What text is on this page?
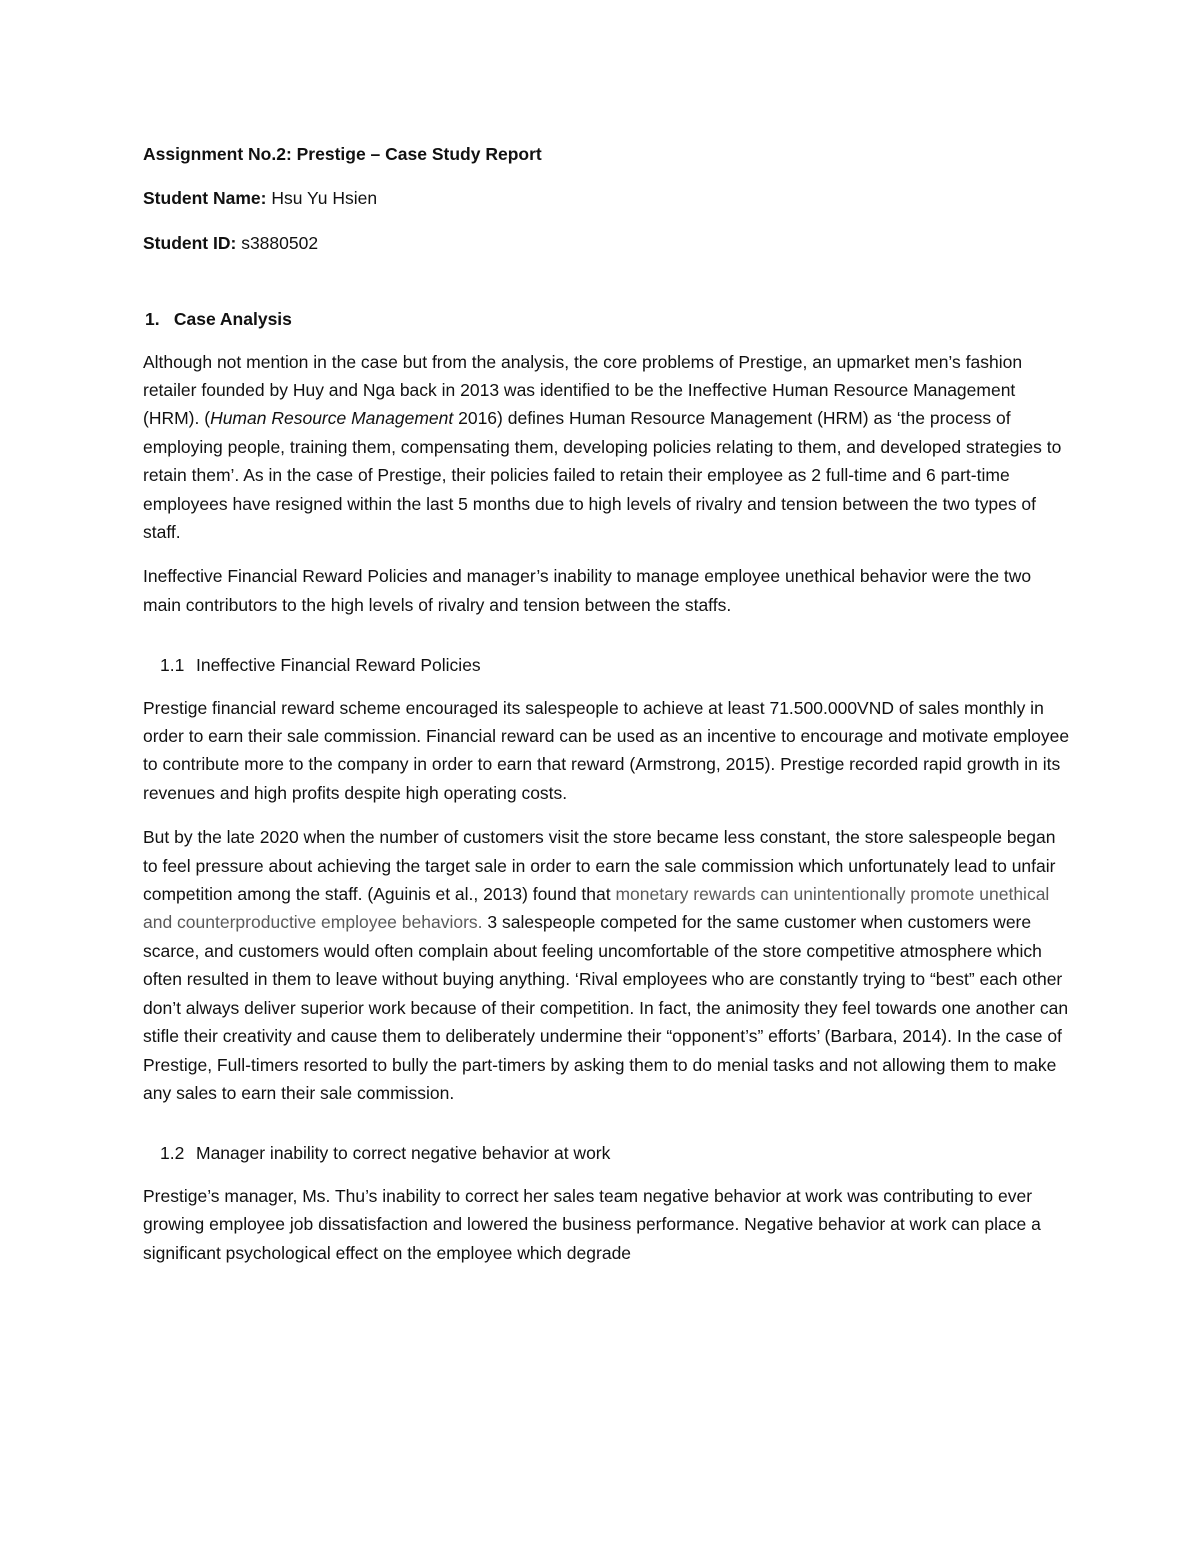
Assignment No.2: Prestige – Case Study Report

Student Name: Hsu Yu Hsien

Student ID: s3880502

1. Case Analysis

Although not mention in the case but from the analysis, the core problems of Prestige, an upmarket men’s fashion retailer founded by Huy and Nga back in 2013 was identified to be the Ineffective Human Resource Management (HRM). (Human Resource Management 2016) defines Human Resource Management (HRM) as ‘the process of employing people, training them, compensating them, developing policies relating to them, and developed strategies to retain them’. As in the case of Prestige, their policies failed to retain their employee as 2 full-time and 6 part-time employees have resigned within the last 5 months due to high levels of rivalry and tension between the two types of staff.

Ineffective Financial Reward Policies and manager’s inability to manage employee unethical behavior were the two main contributors to the high levels of rivalry and tension between the staffs.

1.1 Ineffective Financial Reward Policies

Prestige financial reward scheme encouraged its salespeople to achieve at least 71.500.000VND of sales monthly in order to earn their sale commission. Financial reward can be used as an incentive to encourage and motivate employee to contribute more to the company in order to earn that reward (Armstrong, 2015). Prestige recorded rapid growth in its revenues and high profits despite high operating costs.

But by the late 2020 when the number of customers visit the store became less constant, the store salespeople began to feel pressure about achieving the target sale in order to earn the sale commission which unfortunately lead to unfair competition among the staff. (Aguinis et al., 2013) found that monetary rewards can unintentionally promote unethical and counterproductive employee behaviors. 3 salespeople competed for the same customer when customers were scarce, and customers would often complain about feeling uncomfortable of the store competitive atmosphere which often resulted in them to leave without buying anything. ‘Rival employees who are constantly trying to “best” each other don’t always deliver superior work because of their competition. In fact, the animosity they feel towards one another can stifle their creativity and cause them to deliberately undermine their “opponent’s” efforts’ (Barbara, 2014). In the case of Prestige, Full-timers resorted to bully the part-timers by asking them to do menial tasks and not allowing them to make any sales to earn their sale commission.

1.2 Manager inability to correct negative behavior at work

Prestige’s manager, Ms. Thu’s inability to correct her sales team negative behavior at work was contributing to ever growing employee job dissatisfaction and lowered the business performance. Negative behavior at work can place a significant psychological effect on the employee which degrade
